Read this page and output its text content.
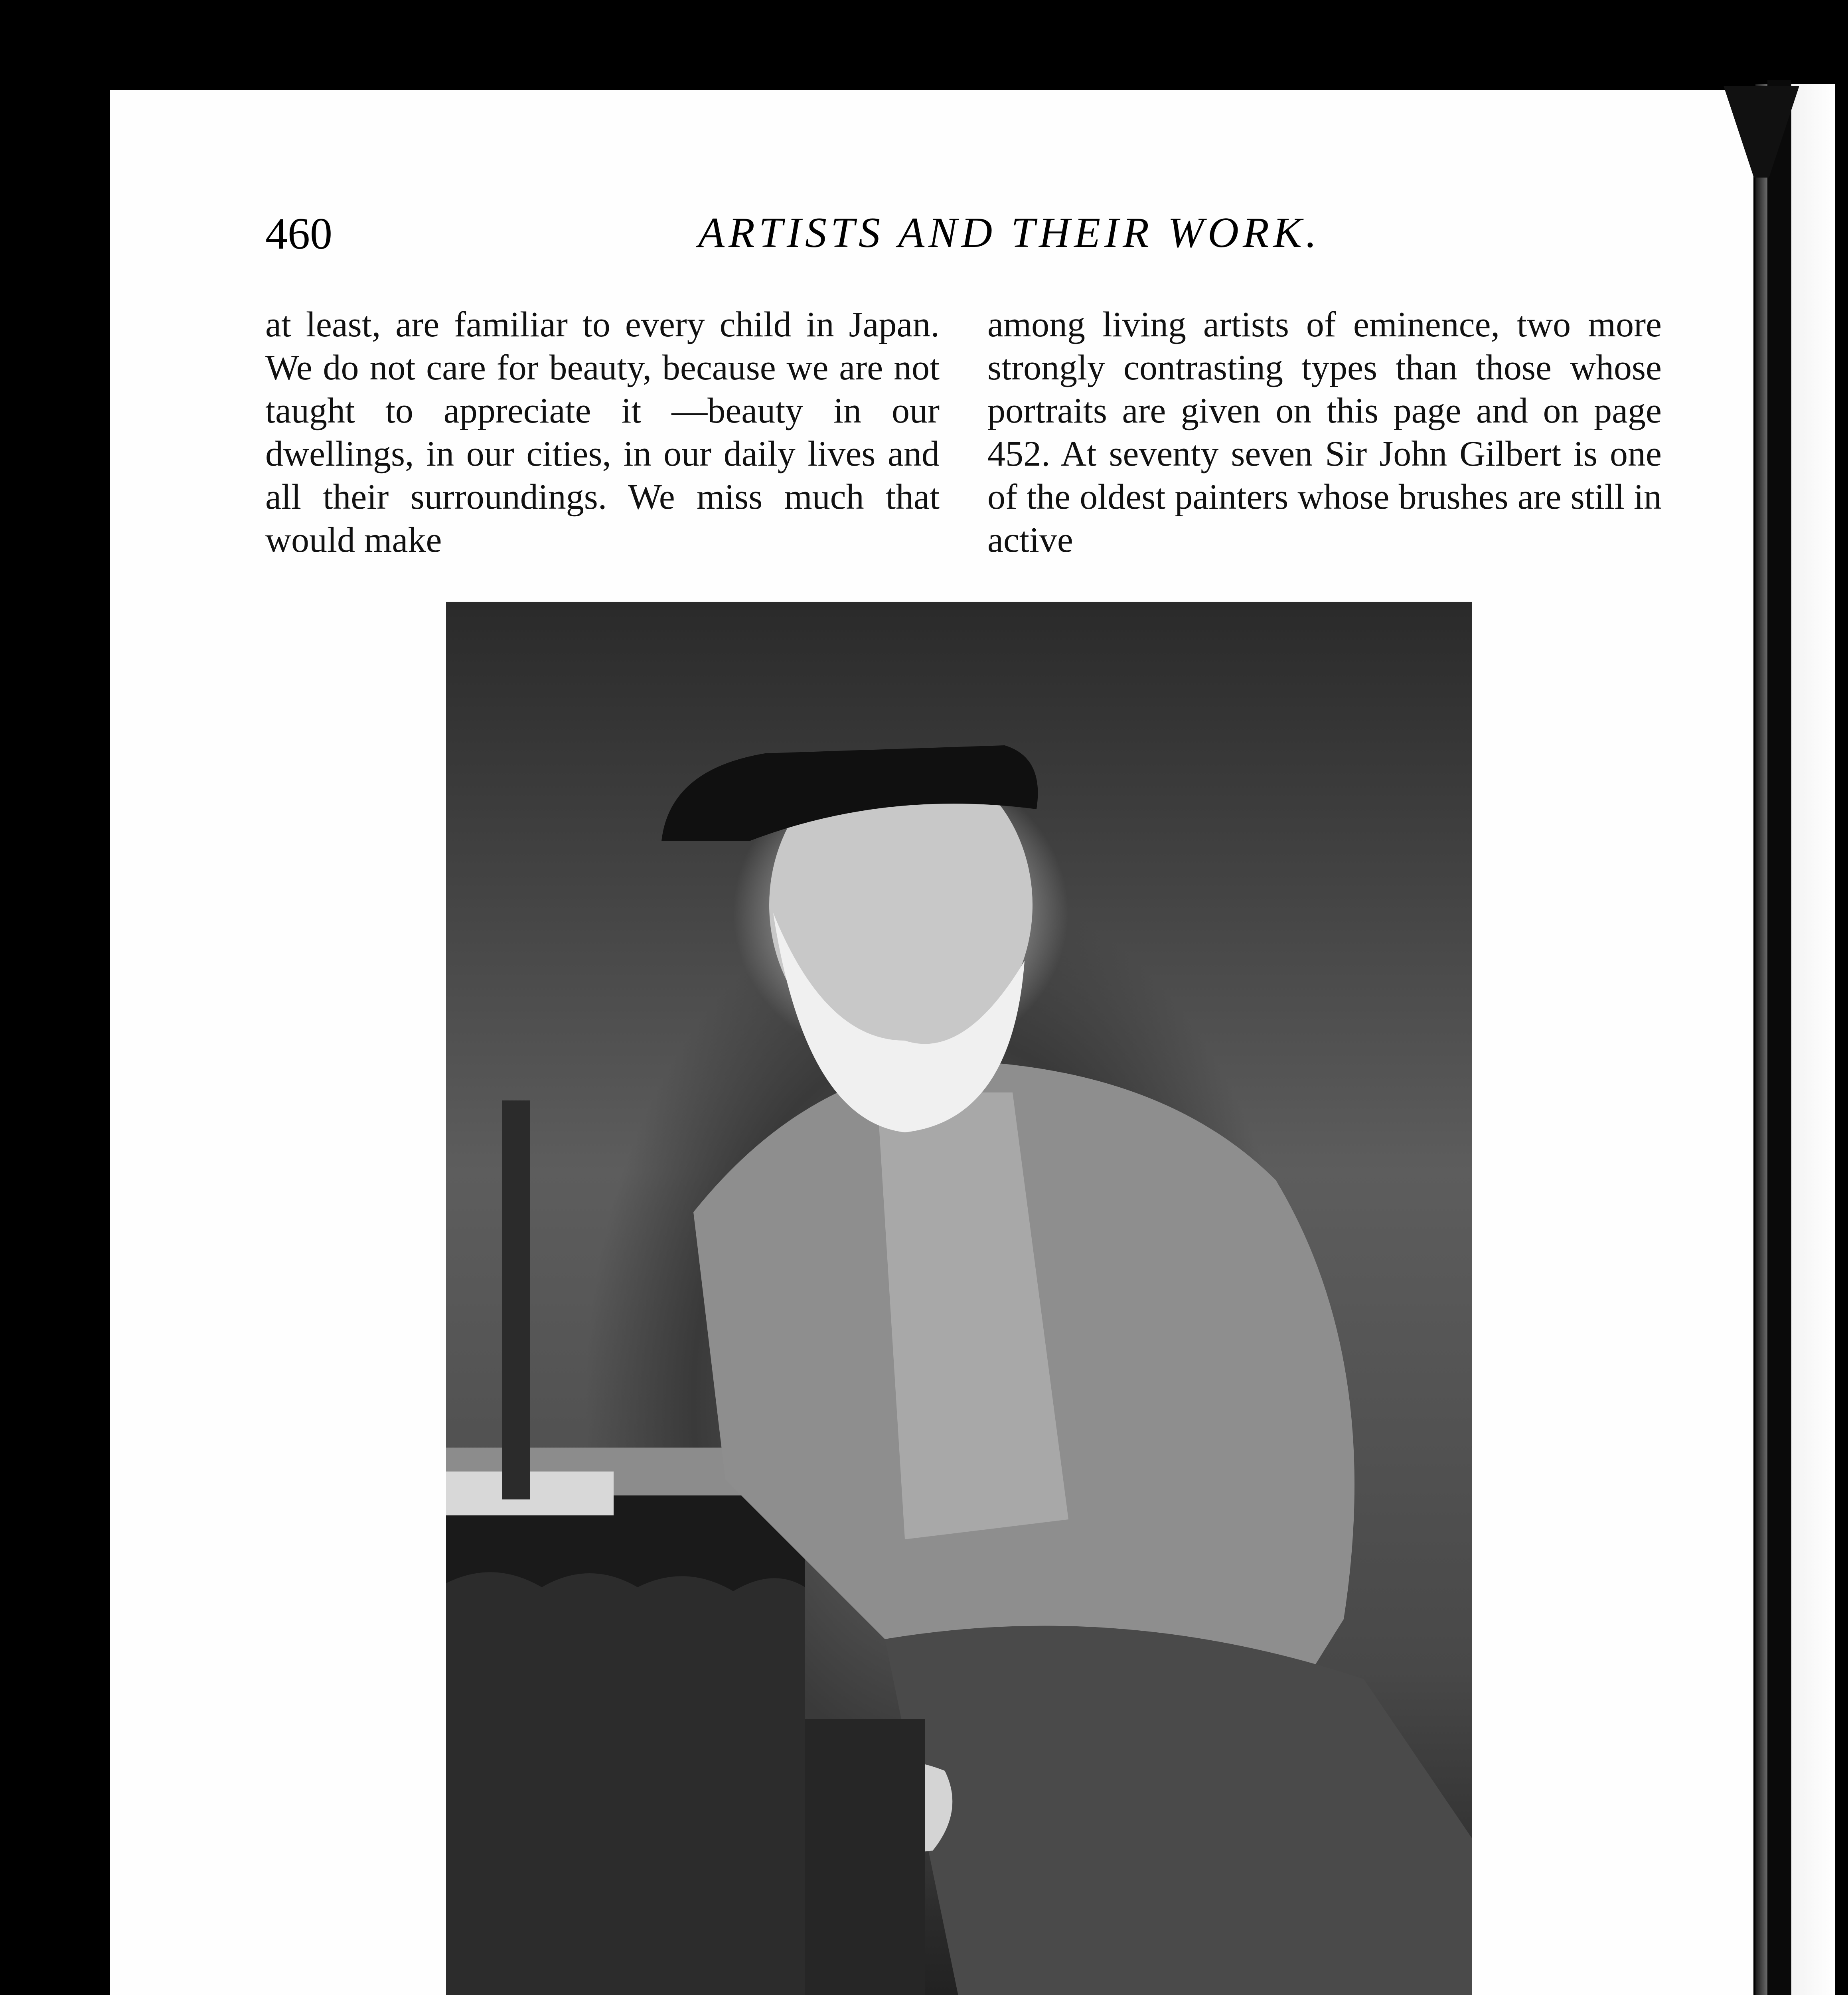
460	ARTISTS AND THEIR WORK.

at least, are familiar to every child in Japan. We do not care for beauty, because we are not taught to appreciate it —beauty in our dwellings, in our cities, in our daily lives and all their surroundings. We miss much that would make

among living artists of eminence, two more strongly contrasting types than those whose portraits are given on this page and on page 452. At seventy seven Sir John Gilbert is one of the oldest painters whose brushes are still in active
